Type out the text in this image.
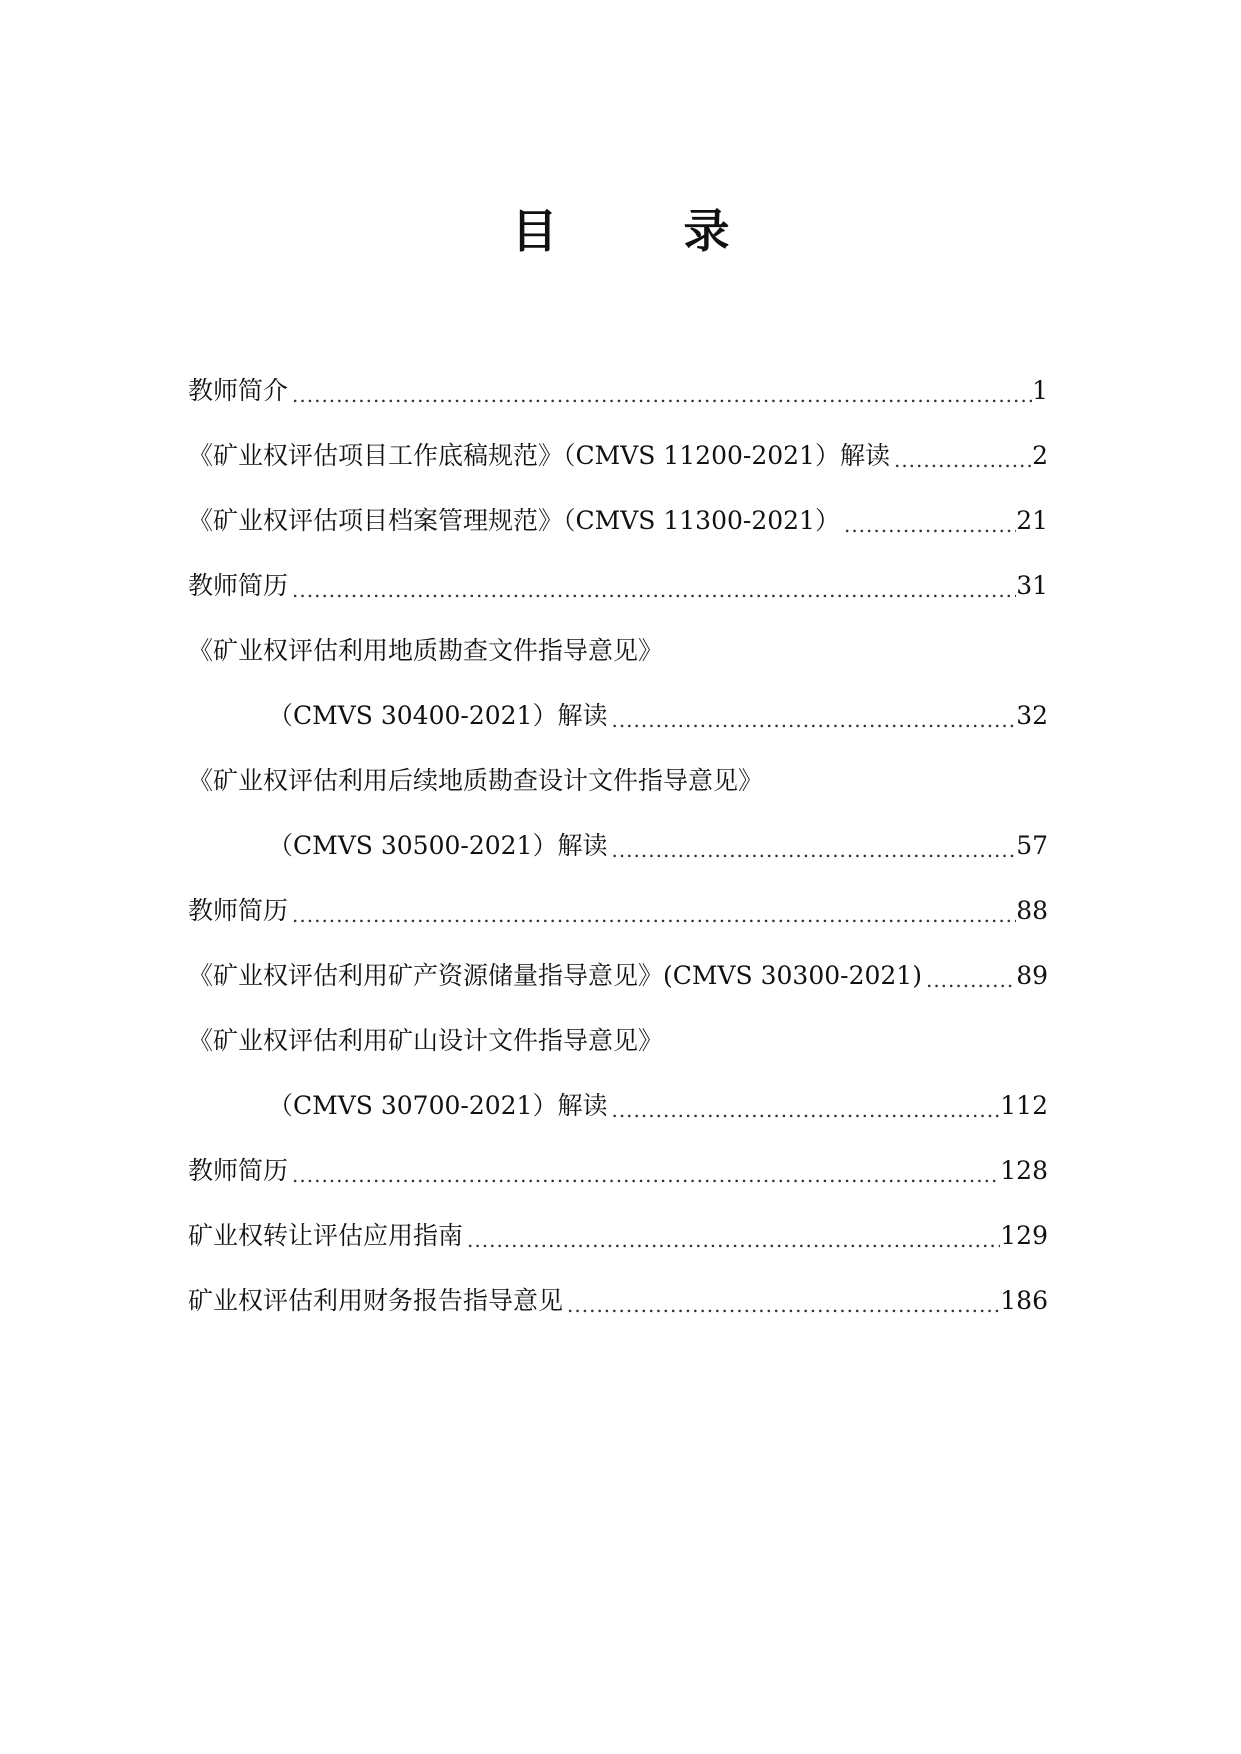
目　录
教师简介 .....	1
《矿业权评估项目工作底稿规范》（CMVS 11200-2021）解读 .....	2
《矿业权评估项目档案管理规范》（CMVS 11300-2021） .....	21
教师简历 .....	31
《矿业权评估利用地质勘查文件指导意见》
（CMVS 30400-2021）解读 .....	32
《矿业权评估利用后续地质勘查设计文件指导意见》
（CMVS 30500-2021）解读 .....	57
教师简历 .....	88
《矿业权评估利用矿产资源储量指导意见》(CMVS 30300-2021) .....	89
《矿业权评估利用矿山设计文件指导意见》
（CMVS 30700-2021）解读 .....	112
教师简历 .....	128
矿业权转让评估应用指南 .....	129
矿业权评估利用财务报告指导意见 .....	186
